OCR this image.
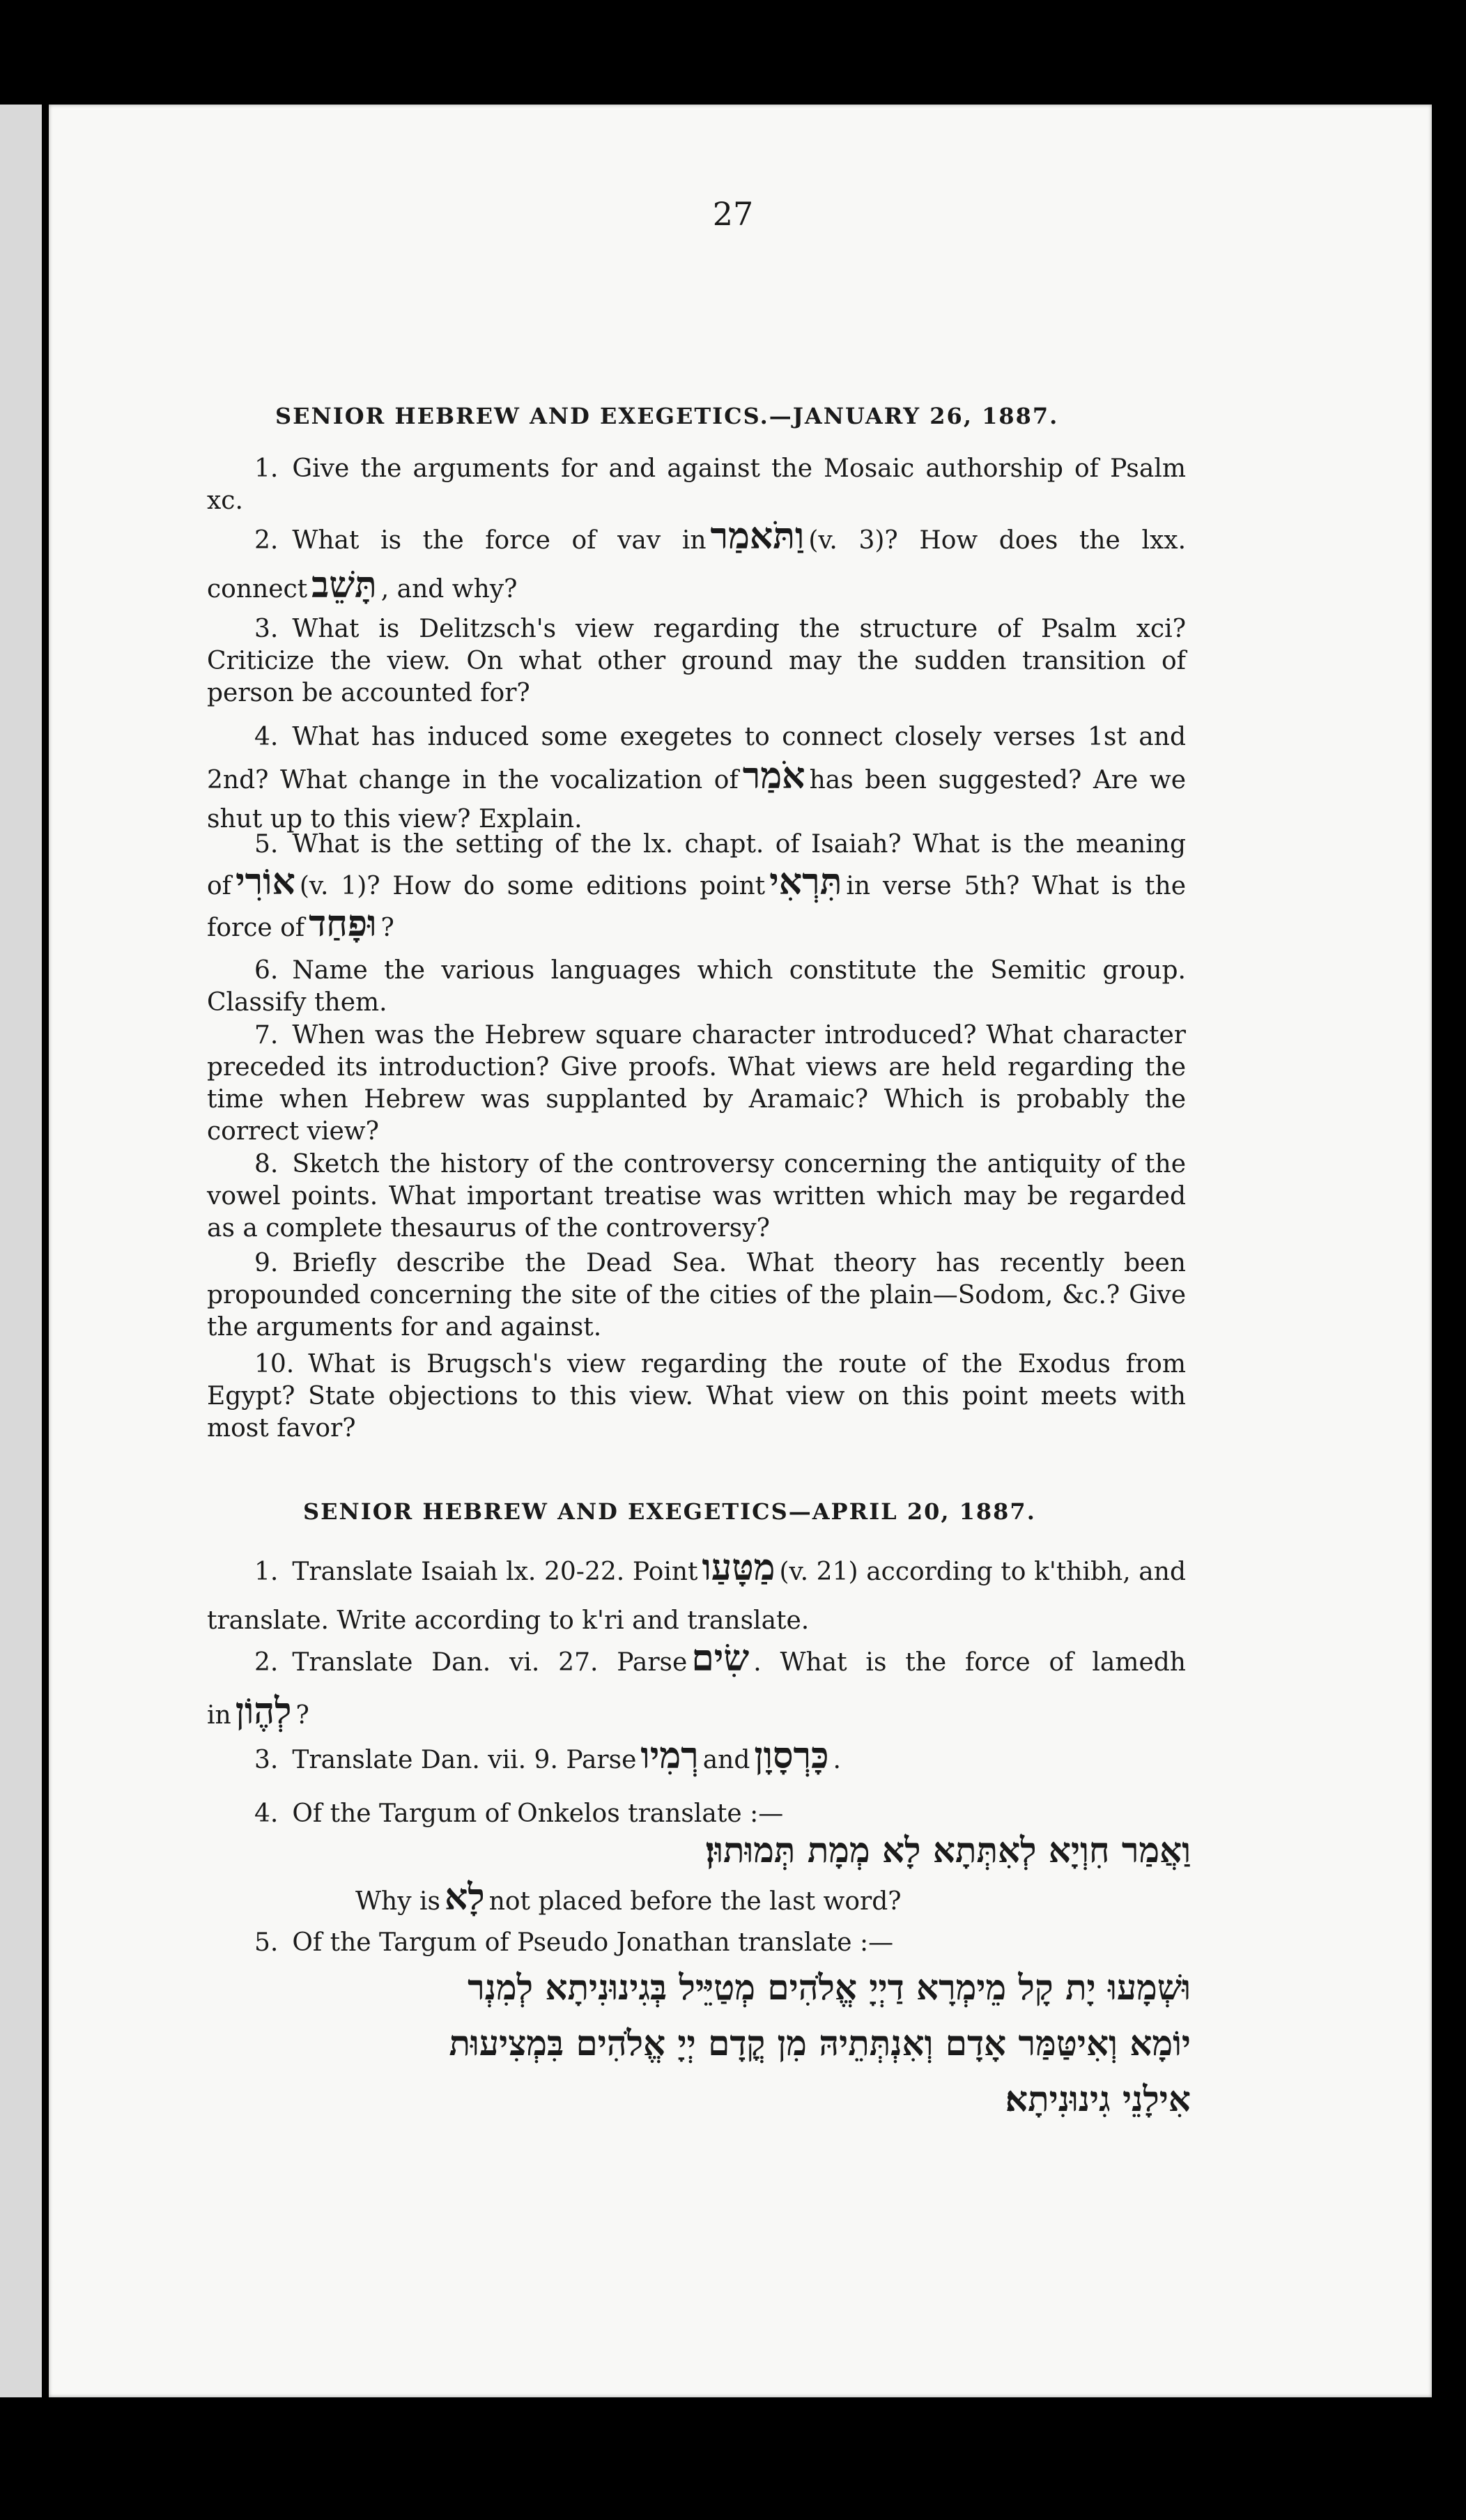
27
SENIOR HEBREW AND EXEGETICS.—JANUARY 26, 1887.
1. Give the arguments for and against the Mosaic authorship of Psalm xc.
2. What is the force of vav in וַתֹּאמַר (v. 3)? How does the lxx. connect תָּשֵׁב , and why?
3. What is Delitzsch's view regarding the structure of Psalm xci? Criticize the view. On what other ground may the sudden transition of person be accounted for?
4. What has induced some exegetes to connect closely verses 1st and 2nd? What change in the vocalization of אֹמַר has been suggested? Are we shut up to this view? Explain.
5. What is the setting of the lx. chapt. of Isaiah? What is the meaning of אוֹרִי (v. 1)? How do some editions point תִּרְאִי in verse 5th? What is the force of וּפָחַד ?
6. Name the various languages which constitute the Semitic group. Classify them.
7. When was the Hebrew square character introduced? What character preceded its introduction? Give proofs. What views are held regarding the time when Hebrew was supplanted by Aramaic? Which is probably the correct view?
8. Sketch the history of the controversy concerning the antiquity of the vowel points. What important treatise was written which may be regarded as a complete thesaurus of the controversy?
9. Briefly describe the Dead Sea. What theory has recently been propounded concerning the site of the cities of the plain—Sodom, &c.? Give the arguments for and against.
10. What is Brugsch's view regarding the route of the Exodus from Egypt? State objections to this view. What view on this point meets with most favor?
SENIOR HEBREW AND EXEGETICS—APRIL 20, 1887.
1. Translate Isaiah lx. 20-22. Point מַטָּעַו (v. 21) according to k'thibh, and translate. Write according to k'ri and translate.
2. Translate Dan. vi. 27. Parse שִׂים . What is the force of lamedh in לְהֶוֹן ?
3. Translate Dan. vii. 9. Parse רְמִיו and כָּרְסָוָן .
4. Of the Targum of Onkelos translate :—
וַאֲמַר חִוְיָא לְאִתְּתָא לָא מְמָת תְּמוּתוּן׃
Why is לָא not placed before the last word?
5. Of the Targum of Pseudo Jonathan translate :—
וּשְׁמָעוּ יָת קָל מֵימְרָא דַיְיָ אֱלֹהִים מְטַיֵּיל בְּגִינוּנִיתָא לְמִנְר
יוֹמָא וְאִיטַּמַּר אָדָם וְאִנְתְּתֵיהּ מִן קֳדָם יְיָ אֱלֹהִים בִּמְצִיעוּת
אִילָנֵי גִינוּנִיתָא׃
